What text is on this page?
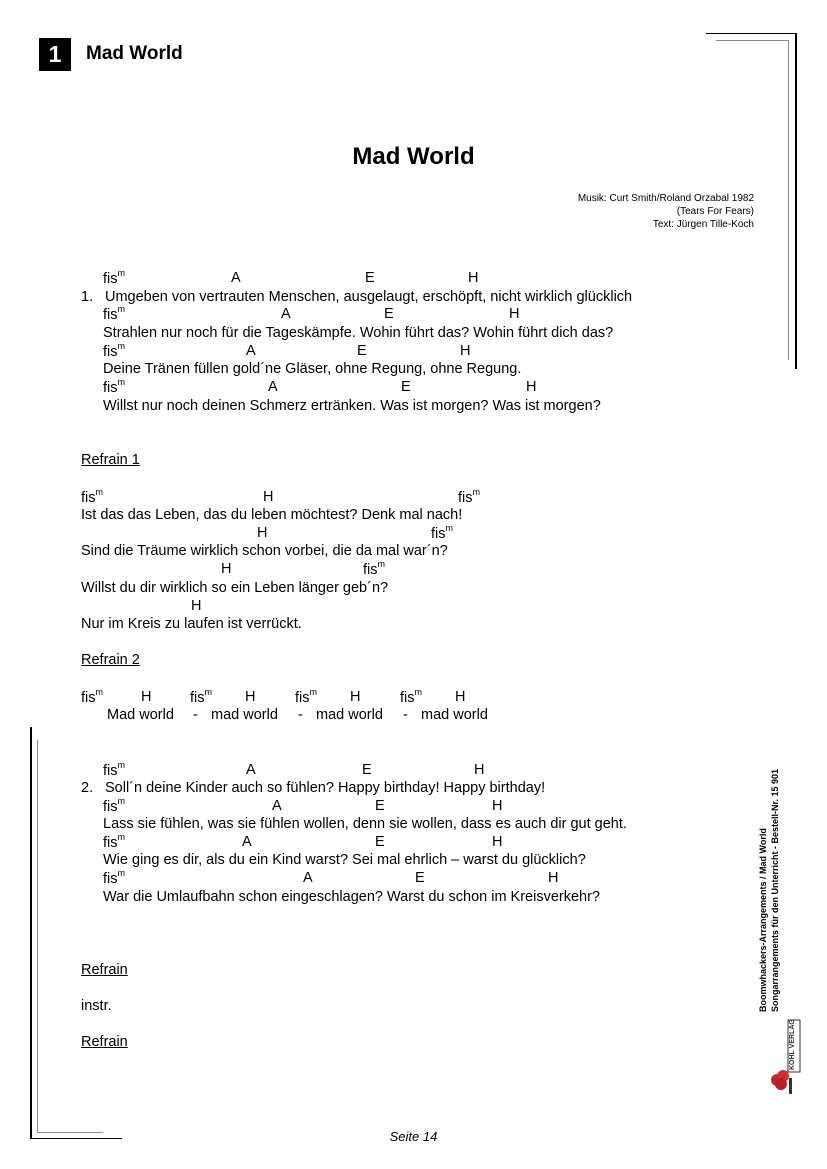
1	Mad World
Mad World
Musik: Curt Smith/Roland Orzabal 1982
(Tears For Fears)
Text: Jürgen Tille-Koch
fis$^m$	A	E	H
1. Umgeben von vertrauten Menschen, ausgelaugt, erschöpft, nicht wirklich glücklich
fis$^m$	A	E	H
Strahlen nur noch für die Tageskämpfe. Wohin führt das? Wohin führt dich das?
fis$^m$	A	E	H
Deine Tränen füllen gold´ne Gläser, ohne Regung, ohne Regung.
fis$^m$	A	E	H
Willst nur noch deinen Schmerz ertränken. Was ist morgen? Was ist morgen?
Refrain 1
fis$^m$	H	fis$^m$
Ist das das Leben, das du leben möchtest? Denk mal nach!
H	fis$^m$
Sind die Träume wirklich schon vorbei, die da mal war´n?
H	fis$^m$
Willst du dir wirklich so ein Leben länger geb´n?
H
Nur im Kreis zu laufen ist verrückt.
Refrain 2
fis$^m$	H	fis$^m$ H	fis$^m$ H	fis$^m$ H
Mad world - mad world - mad world - mad world
fis$^m$	A	E	H
2. Soll´n deine Kinder auch so fühlen? Happy birthday! Happy birthday!
fis$^m$	A	E	H
Lass sie fühlen, was sie fühlen wollen, denn sie wollen, dass es auch dir gut geht.
fis$^m$	A	E	H
Wie ging es dir, als du ein Kind warst? Sei mal ehrlich – warst du glücklich?
fis$^m$	A	E	H
War die Umlaufbahn schon eingeschlagen? Warst du schon im Kreisverkehr?
Refrain
instr.
Refrain
Seite 14
Boomwhackers-Arrangements / Mad World Songarrangements für den Unterricht - Bestell-Nr. 15 901
KOHL VERLAG
